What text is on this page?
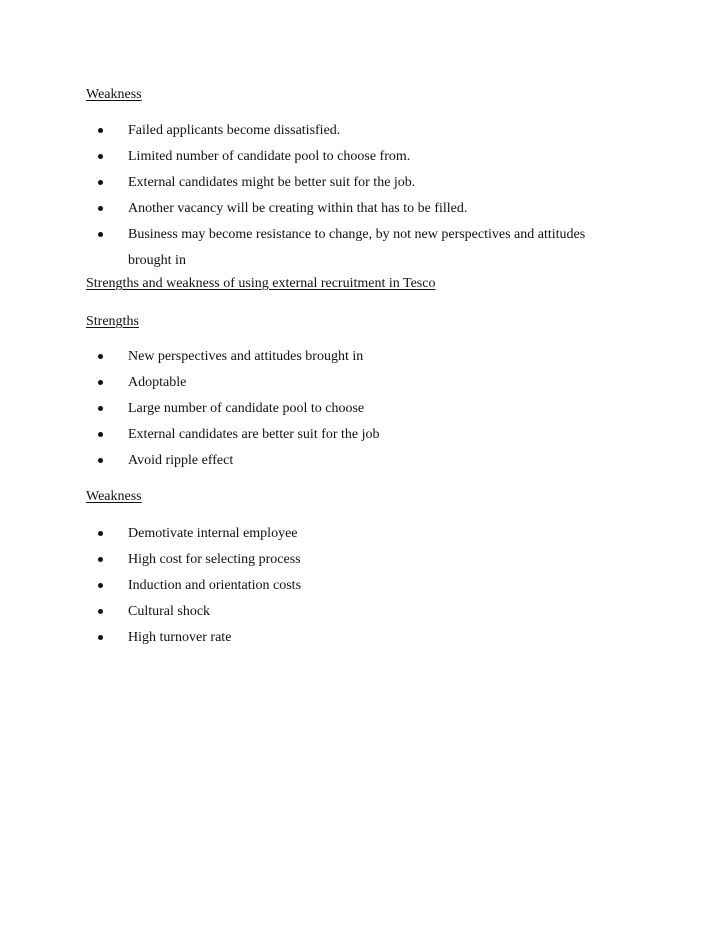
Weakness
Failed applicants become dissatisfied.
Limited number of candidate pool to choose from.
External candidates might be better suit for the job.
Another vacancy will be creating within that has to be filled.
Business may become resistance to change, by not new perspectives and attitudes brought in
Strengths and weakness of using external recruitment in Tesco
Strengths
New perspectives and attitudes brought in
Adoptable
Large number of candidate pool to choose
External candidates are better suit for the job
Avoid ripple effect
Weakness
Demotivate internal employee
High cost for selecting process
Induction and orientation costs
Cultural shock
High turnover rate
